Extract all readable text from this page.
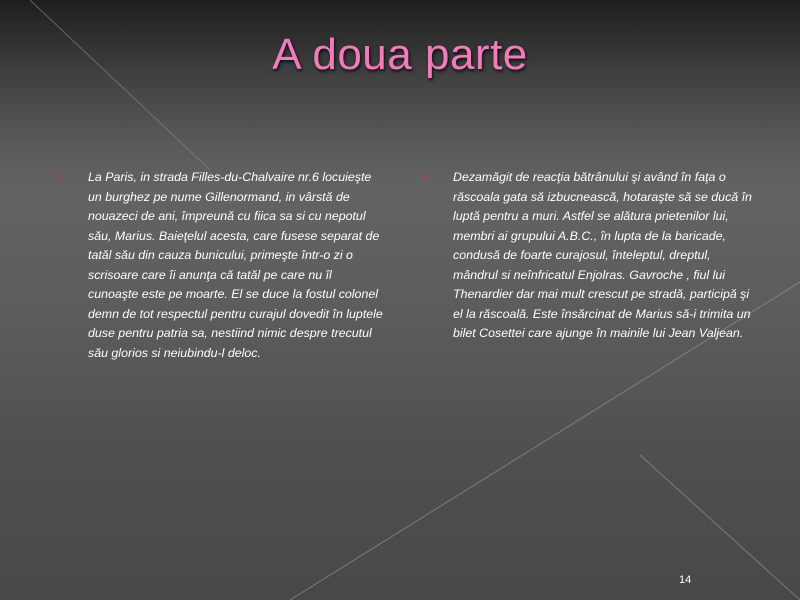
A doua parte
⊙	La Paris, in strada Filles-du-Chalvaire nr.6 locuieşte un burghez pe nume Gillenormand, in vârstă de nouazeci de ani, împreună cu fiica sa si cu nepotul său, Marius. Baieţelul acesta, care fusese separat de tatăl său din cauza bunicului, primeşte într-o zi o scrisoare care îi anunţa că tatăl pe care nu îl cunoaşte este pe moarte. El se duce la fostul colonel demn de tot respectul pentru curajul dovedit în luptele duse pentru patria sa, nestiind nimic despre trecutul său glorios si neiubindu-l deloc.

⊙	Dezamăgit de reacţia bătrânului şi având în faţa o răscoala gata să izbucnească, hotaraşte să se ducă în luptă pentru a muri. Astfel se alătura prietenilor lui, membri ai grupului A.B.C., în lupta de la baricade, condusă de foarte curajosul, înteleptul, dreptul, mândrul si neînfricatul Enjolras. Gavroche , fiul lui Thenardier dar mai mult crescut pe stradă, participă şi el la răscoală. Este însărcinat de Marius să-i trimita un bilet Cosettei care ajunge în mainile lui Jean Valjean.

14
